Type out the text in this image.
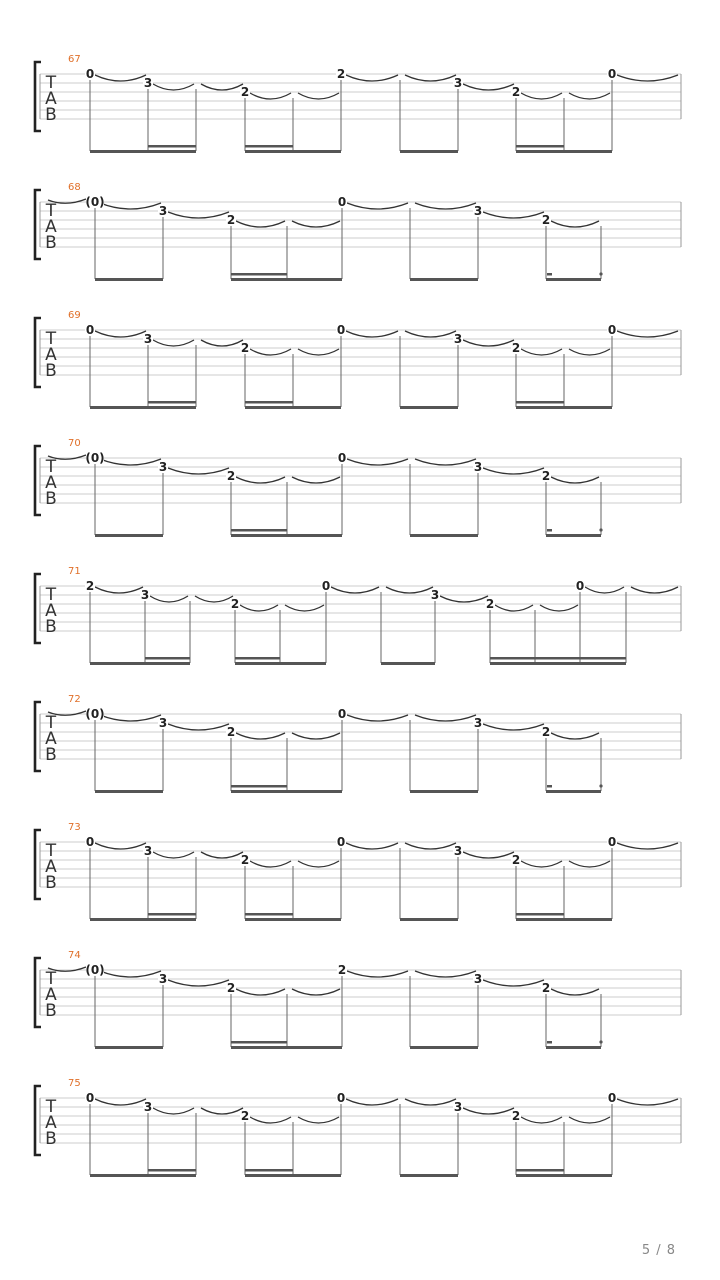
T
A
B
67
0
3
2
2
3
2
0
T
A
B
68
(0)
3
2
0
3
2
T
A
B
69
0
3
2
0
3
2
0
T
A
B
70
(0)
3
2
0
3
2
T
A
B
71
2
3
2
0
3
2
0
T
A
B
72
(0)
3
2
0
3
2
T
A
B
73
0
3
2
0
3
2
0
T
A
B
74
(0)
3
2
2
3
2
T
A
B
75
0
3
2
0
3
2
0
5 / 8
